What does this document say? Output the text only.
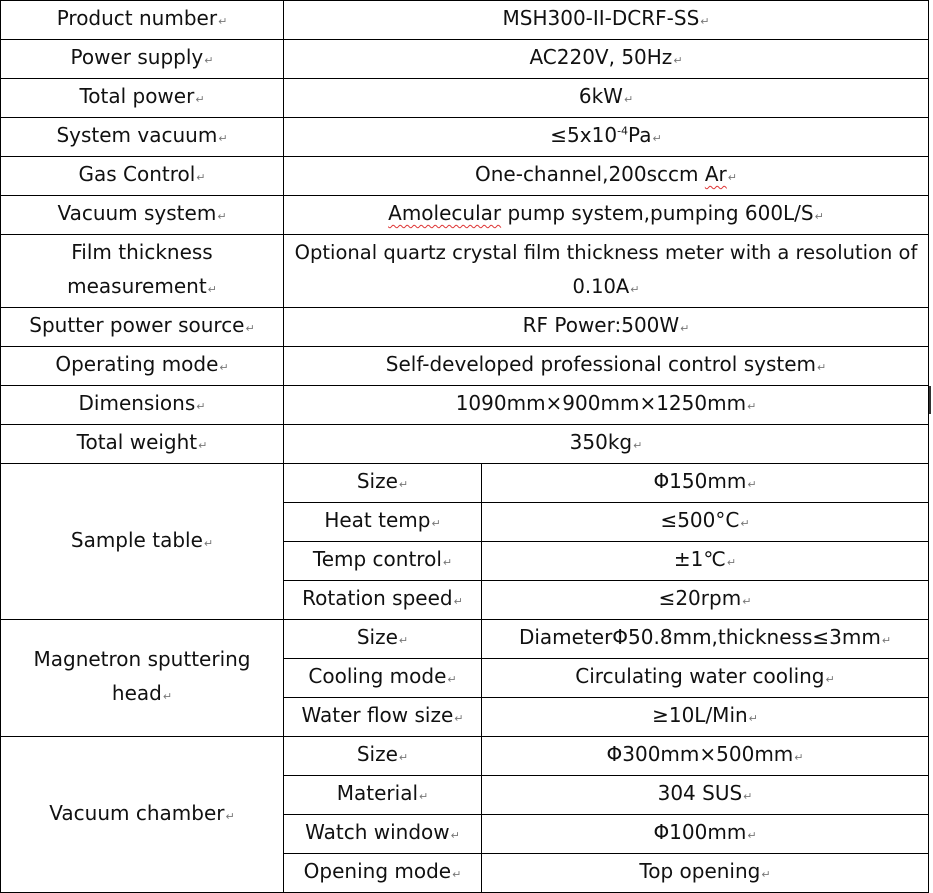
Product number↵	MSH300-II-DCRF-SS↵	
Power supply↵	AC220V, 50Hz↵	
Total power↵	6kW↵	
System vacuum↵	$\le 5x10^{-4}Pa↵$	
Gas Control↵	One-channel,200sccm Ar↵	
Vacuum system↵	Amolecular pump system,pumping 600L/S↵	
Film thickness measurement↵	Optional quartz crystal film thickness meter with a resolution of 0.10A↵	
Sputter power source↵	RF Power:500W↵	
Operating mode↵	Self-developed professional control system↵	
Dimensions↵	1090mm×900mm×1250mm↵	
Total weight↵	350kg↵	
Sample table↵	Size↵	Φ150mm↵
	Heat temp↵	≤500°C↵
	Temp control↵	±1℃↵
	Rotation speed↵	≤20rpm↵
Magnetron sputtering head↵	Size↵	DiameterΦ50.8mm,thickness≤3mm↵
	Cooling mode↵	Circulating water cooling↵
	Water flow size↵	≥10L/Min↵
Vacuum chamber↵	Size↵	Φ300mm×500mm↵
	Material↵	304 SUS↵
	Watch window↵	Φ100mm↵
	Opening mode↵	Top opening↵
